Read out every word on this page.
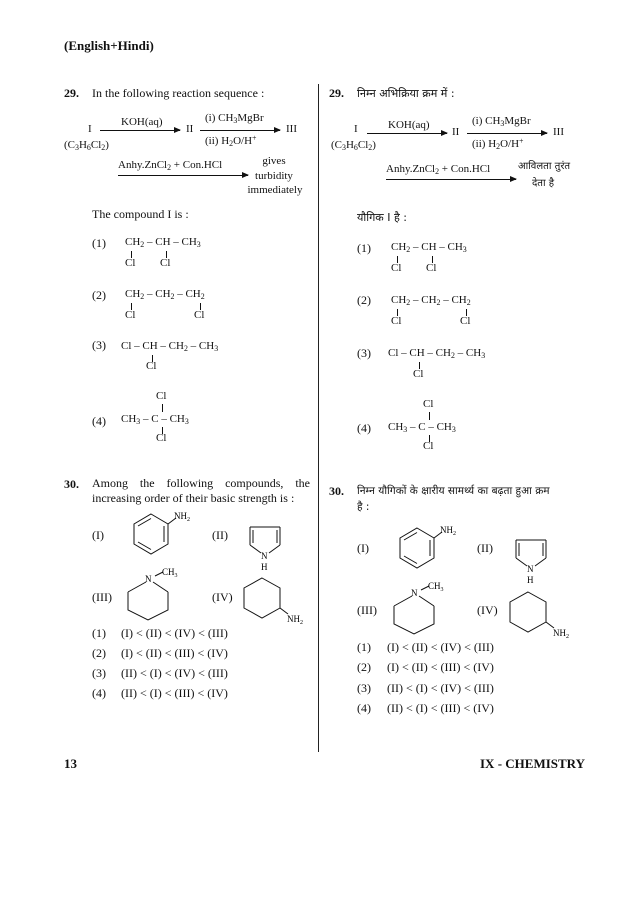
(English+Hindi)
29. In the following reaction sequence :
I
$(C_3H_6Cl_2)$
KOH(aq)
II
(i) $CH_3MgBr$
(ii) $H_2O/H^+$
III
Anhy.ZnCl$_2$ + Con.HCl	gives
turbidity
immediately
The compound I is :
(1) $CH_2$ – CH – $CH_3$
Cl Cl
(2) $CH_2 - CH_2 - CH_2$
Cl	Cl
(3) Cl – CH – $CH_2 - CH_3$
Cl
(4)
Cl
$CH_3$ – C – $CH_3$
Cl
30. Among the following compounds, the
increasing order of their basic strength is :
(I)
$NH_2$
(II)
N
H
(III)
N
$CH_3$
(IV)
$NH_2$
(1) (I) < (II) < (IV) < (III)
(2) (I) < (II) < (III) < (IV)
(3) (II) < (I) < (IV) < (III)
(4) (II) < (I) < (III) < (IV)
29. निम्न अभिक्रिया क्रम में :
I
$(C_3H_6Cl_2)$
KOH(aq)
II
(i) $CH_3MgBr$
(ii) $H_2O/H^+$
III
Anhy.ZnCl$_2$ + Con.HCl	आविलता तुरंत
देता है
यौगिक I है :
(1) $CH_2$ – CH – $CH_3$
Cl Cl
(2) $CH_2 - CH_2 - CH_2$
Cl	Cl
(3) Cl – CH – $CH_2 - CH_3$
Cl
(4)
Cl
$CH_3$ – C – $CH_3$
Cl
30. निम्न यौगिकों के क्षारीय सामर्थ्य का बढ़ता हुआ क्रम
है :
(I)
$NH_2$
(II)
N
H
(III)
N
$CH_3$
(IV)
$NH_2$
(1) (I) < (II) < (IV) < (III)
(2) (I) < (II) < (III) < (IV)
(3) (II) < (I) < (IV) < (III)
(4) (II) < (I) < (III) < (IV)
13	IX - CHEMISTRY
